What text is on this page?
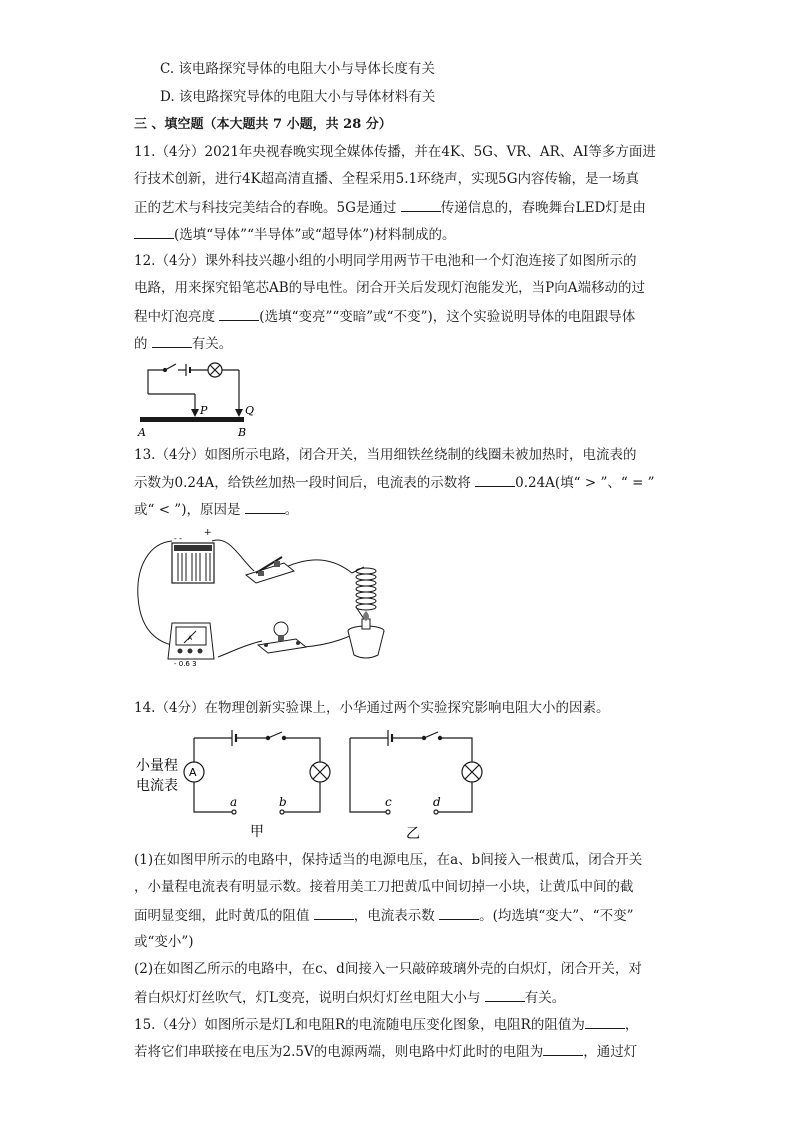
C. 该电路探究导体的电阻大小与导体长度有关
D. 该电路探究导体的电阻大小与导体材料有关
三 、填空题（本大题共 7 小题，共 28 分）
11.（4分）2021年央视春晚实现全媒体传播，并在4K、5G、VR、AR、AI等多方面进
行技术创新，进行4K超高清直播、全程采用5.1环绕声，实现5G内容传输，是一场真
正的艺术与科技完美结合的春晚。5G是通过	传递信息的，春晚舞台LED灯是由
(选填“导体”“半导体”或“超导体”)材料制成的。
12.（4分）课外科技兴趣小组的小明同学用两节干电池和一个灯泡连接了如图所示的
电路，用来探究铅笔芯AB的导电性。闭合开关后发现灯泡能发光，当P向A端移动的过
程中灯泡亮度	(选填“变亮”“变暗”或“不变”)，这个实验说明导体的电阻跟导体
的	有关。
P	Q
A	B
13.（4分）如图所示电路，闭合开关，当用细铁丝绕制的线圈未被加热时，电流表的
示数为0.24A，给铁丝加热一段时间后，电流表的示数将	0.24A(填“ > ”、“ = ”
或“ < ”)，原因是	。
- -
+
A
- 0.6 3
14.（4分）在物理创新实验课上，小华通过两个实验探究影响电阻大小的因素。
A
小量程
电流表
a	b	c	d
甲	乙
(1)在如图甲所示的电路中，保持适当的电源电压，在a、b间接入一根黄瓜，闭合开关
，小量程电流表有明显示数。接着用美工刀把黄瓜中间切掉一小块，让黄瓜中间的截
面明显变细，此时黄瓜的阻值	，电流表示数	。(均选填“变大”、“不变”
或“变小”)
(2)在如图乙所示的电路中，在c、d间接入一只敲碎玻璃外壳的白炽灯，闭合开关，对
着白炽灯灯丝吹气，灯L变亮，说明白炽灯灯丝电阻大小与	有关。
15.（4分）如图所示是灯L和电阻R的电流随电压变化图象，电阻R的阻值为	，
若将它们串联接在电压为2.5V的电源两端，则电路中灯此时的电阻为	，通过灯
